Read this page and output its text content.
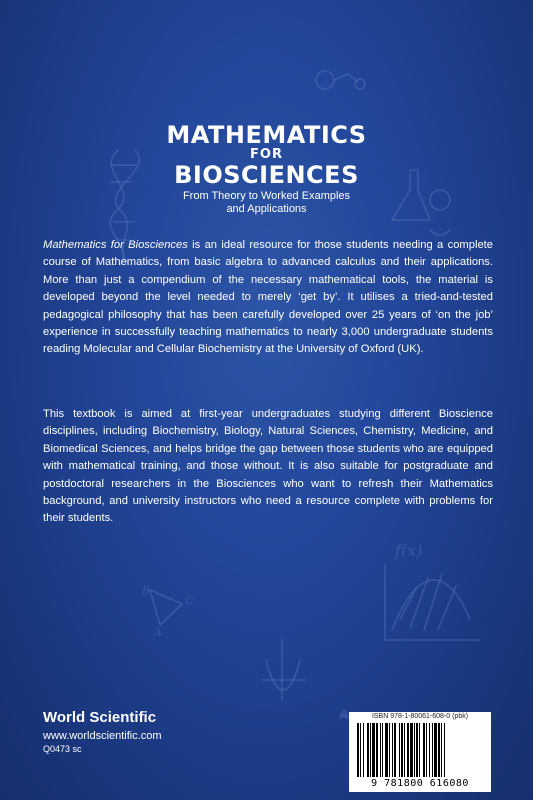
B
C
A
f(x)
MATHEMATICS
FOR
BIOSCIENCES
From Theory to Worked Examples
and Applications

Mathematics for Biosciences is an ideal resource for those students needing a complete course of Mathematics, from basic algebra to advanced calculus and their applications. More than just a compendium of the necessary mathematical tools, the material is developed beyond the level needed to merely ‘get by’. It utilises a tried-and-tested pedagogical philosophy that has been carefully developed over 25 years of ‘on the job’ experience in successfully teaching mathematics to nearly 3,000 undergraduate students reading Molecular and Cellular Biochemistry at the University of Oxford (UK).

This textbook is aimed at first-year undergraduates studying different Bioscience disciplines, including Biochemistry, Biology, Natural Sciences, Chemistry, Medicine, and Biomedical Sciences, and helps bridge the gap between those students who are equipped with mathematical training, and those without. It is also suitable for postgraduate and postdoctoral researchers in the Biosciences who want to refresh their Mathematics background, and university instructors who need a resource complete with problems for their students.

World Scientific
www.worldscientific.com
Q0473 sc
ISBN 978-1-80061-608-0 (pbk)
9 781800 616080
